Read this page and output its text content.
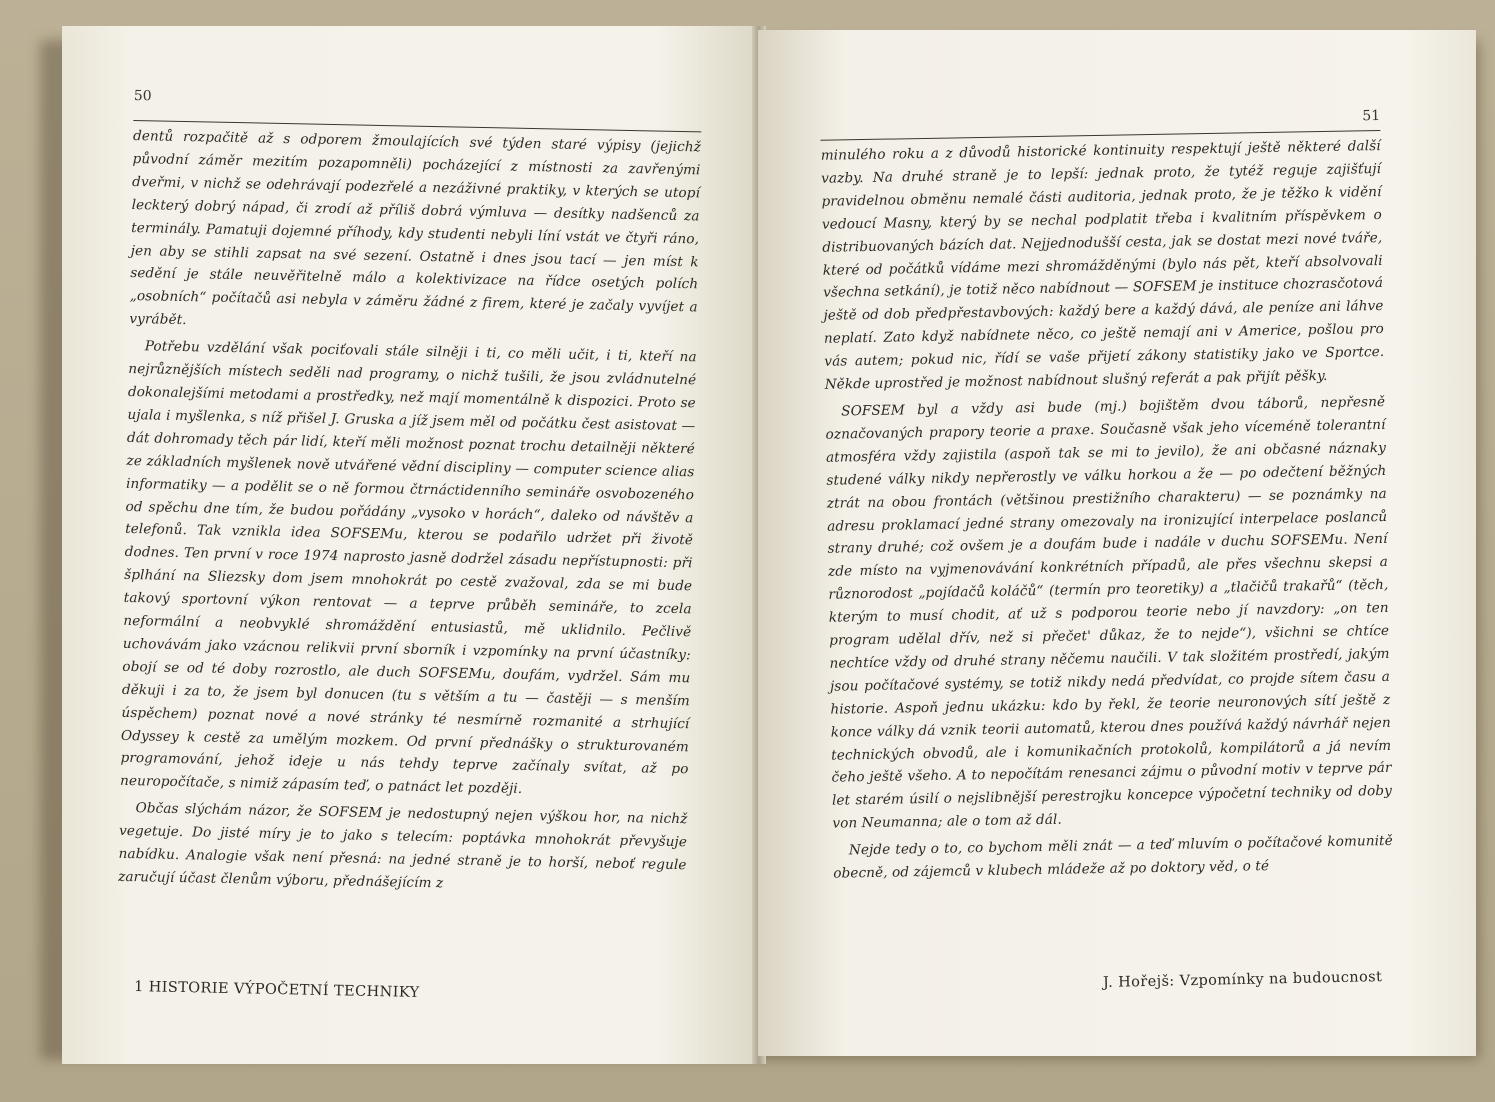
50

dentů rozpačitě až s odporem žmoulajících své týden staré výpisy (jejichž původní záměr mezitím pozapomněli) pocházející z místnosti za zavřenými dveřmi, v nichž se odehrávají podezřelé a nezáživné praktiky, v kterých se utopí leckterý dobrý nápad, či zrodí až příliš dobrá výmluva — desítky nadšenců za terminály. Pamatuji dojemné příhody, kdy studenti nebyli líní vstát ve čtyři ráno, jen aby se stihli zapsat na své sezení. Ostatně i dnes jsou tací — jen míst k sedění je stále neuvěřitelně málo a kolektivizace na řídce osetých polích „osobních“ počítačů asi nebyla v záměru žádné z firem, které je začaly vyvíjet a vyrábět.

Potřebu vzdělání však pociťovali stále silněji i ti, co měli učit, i ti, kteří na nejrůznějších místech seděli nad programy, o nichž tušili, že jsou zvládnutelné dokonalejšími metodami a prostředky, než mají momentálně k dispozici. Proto se ujala i myšlenka, s níž přišel J. Gruska a jíž jsem měl od počátku čest asistovat — dát dohromady těch pár lidí, kteří měli možnost poznat trochu detailněji některé ze základních myšlenek nově utvářené vědní discipliny — computer science alias informatiky — a podělit se o ně formou čtrnáctidenního semináře osvobozeného od spěchu dne tím, že budou pořádány „vysoko v horách“, daleko od návštěv a telefonů. Tak vznikla idea SOFSEMu, kterou se podařilo udržet při životě dodnes. Ten první v roce 1974 naprosto jasně dodržel zásadu nepřístupnosti: při šplhání na Sliezsky dom jsem mnohokrát po cestě zvažoval, zda se mi bude takový sportovní výkon rentovat — a teprve průběh semináře, to zcela neformální a neobvyklé shromáždění entusiastů, mě uklidnilo. Pečlivě uchovávám jako vzácnou relikvii první sborník i vzpomínky na první účastníky: obojí se od té doby rozrostlo, ale duch SOFSEMu, doufám, vydržel. Sám mu děkuji i za to, že jsem byl donucen (tu s větším a tu — častěji — s menším úspěchem) poznat nové a nové stránky té nesmírně rozmanité a strhující Odyssey k cestě za umělým mozkem. Od první přednášky o strukturovaném programování, jehož ideje u nás tehdy teprve začínaly svítat, až po neuropočítače, s nimiž zápasím teď, o patnáct let později.

Občas slýchám názor, že SOFSEM je nedostupný nejen výškou hor, na nichž vegetuje. Do jisté míry je to jako s telecím: poptávka mnohokrát převyšuje nabídku. Analogie však není přesná: na jedné straně je to horší, neboť regule zaručují účast členům výboru, přednášejícím z

1 HISTORIE VÝPOČETNÍ TECHNIKY
51

minulého roku a z důvodů historické kontinuity respektují ještě některé další vazby. Na druhé straně je to lepší: jednak proto, že tytéž reguje zajišťují pravidelnou obměnu nemalé části auditoria, jednak proto, že je těžko k vidění vedoucí Masny, který by se nechal podplatit třeba i kvalitním příspěvkem o distribuovaných bázích dat. Nejjednodušší cesta, jak se dostat mezi nové tváře, které od počátků vídáme mezi shromážděnými (bylo nás pět, kteří absolvovali všechna setkání), je totiž něco nabídnout — SOFSEM je instituce chozrasčotová ještě od dob předpřestavbových: každý bere a každý dává, ale peníze ani láhve neplatí. Zato když nabídnete něco, co ještě nemají ani v Americe, pošlou pro vás autem; pokud nic, řídí se vaše přijetí zákony statistiky jako ve Sportce. Někde uprostřed je možnost nabídnout slušný referát a pak přijít pěšky.

SOFSEM byl a vždy asi bude (mj.) bojištěm dvou táborů, nepřesně označovaných prapory teorie a praxe. Současně však jeho víceméně tolerantní atmosféra vždy zajistila (aspoň tak se mi to jevilo), že ani občasné náznaky studené války nikdy nepřerostly ve válku horkou a že — po odečtení běžných ztrát na obou frontách (většinou prestižního charakteru) — se poznámky na adresu proklamací jedné strany omezovaly na ironizující interpelace poslanců strany druhé; což ovšem je a doufám bude i nadále v duchu SOFSEMu. Není zde místo na vyjmenovávání konkrétních případů, ale přes všechnu skepsi a různorodost „pojídačů koláčů“ (termín pro teoretiky) a „tlačičů trakařů“ (těch, kterým to musí chodit, ať už s podporou teorie nebo jí navzdory: „on ten program udělal dřív, než si přečet' důkaz, že to nejde“), všichni se chtíce nechtíce vždy od druhé strany něčemu naučili. V tak složitém prostředí, jakým jsou počítačové systémy, se totiž nikdy nedá předvídat, co projde sítem času a historie. Aspoň jednu ukázku: kdo by řekl, že teorie neuronových sítí ještě z konce války dá vznik teorii automatů, kterou dnes používá každý návrhář nejen technických obvodů, ale i komunikačních protokolů, kompilátorů a já nevím čeho ještě všeho. A to nepočítám renesanci zájmu o původní motiv v teprve pár let starém úsilí o nejslibnější perestrojku koncepce výpočetní techniky od doby von Neumanna; ale o tom až dál.

Nejde tedy o to, co bychom měli znát — a teď mluvím o počítačové komunitě obecně, od zájemců v klubech mládeže až po doktory věd, o té

J. Hořejš: Vzpomínky na budoucnost
